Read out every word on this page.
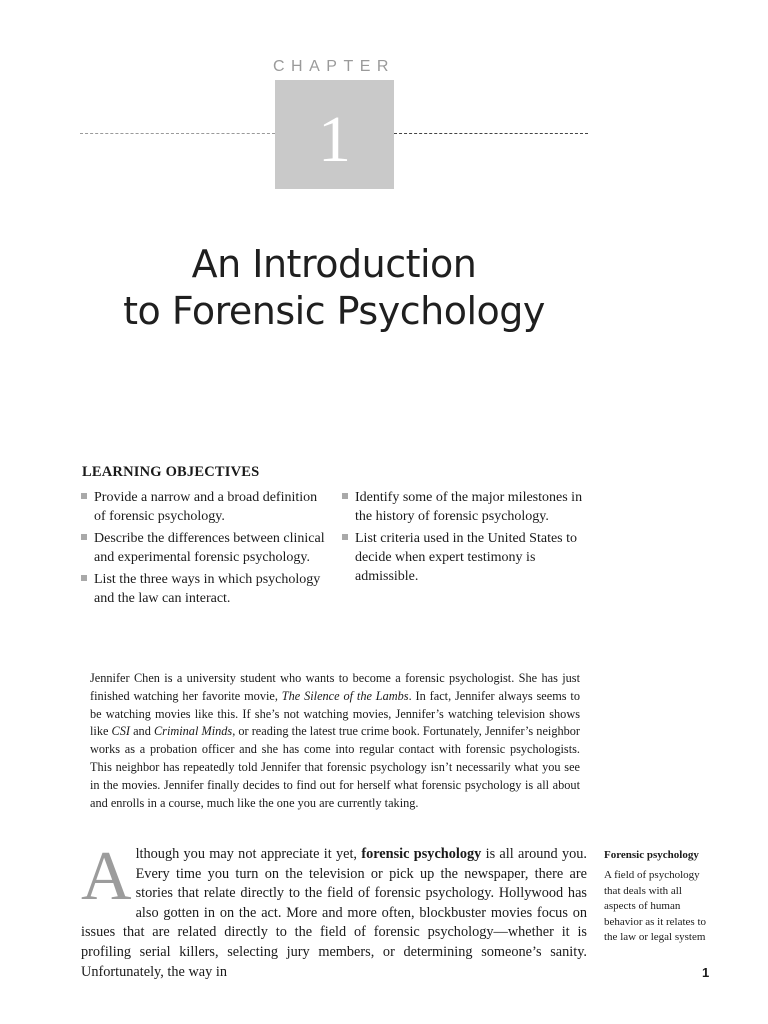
CHAPTER
1
An Introduction
to Forensic Psychology
LEARNING OBJECTIVES
Provide a narrow and a broad definition of forensic psychology.
Describe the differences between clinical and experimental forensic psychology.
List the three ways in which psychology and the law can interact.
Identify some of the major milestones in the history of forensic psychology.
List criteria used in the United States to decide when expert testimony is admissible.
Jennifer Chen is a university student who wants to become a forensic psychologist. She has just finished watching her favorite movie, The Silence of the Lambs. In fact, Jennifer always seems to be watching movies like this. If she’s not watching movies, Jennifer’s watching television shows like CSI and Criminal Minds, or reading the latest true crime book. Fortunately, Jennifer’s neighbor works as a probation officer and she has come into regular contact with forensic psychologists. This neighbor has repeatedly told Jennifer that forensic psychology isn’t necessarily what you see in the movies. Jennifer finally decides to find out for herself what forensic psychology is all about and enrolls in a course, much like the one you are currently taking.
Although you may not appreciate it yet, forensic psychology is all around you. Every time you turn on the television or pick up the newspaper, there are stories that relate directly to the field of forensic psychology. Hollywood has also gotten in on the act. More and more often, blockbuster movies focus on issues that are related directly to the field of forensic psychology—whether it is profiling serial killers, selecting jury members, or determining someone’s sanity. Unfortunately, the way in
Forensic psychology
A field of psychology that deals with all aspects of human behavior as it relates to the law or legal system
1
